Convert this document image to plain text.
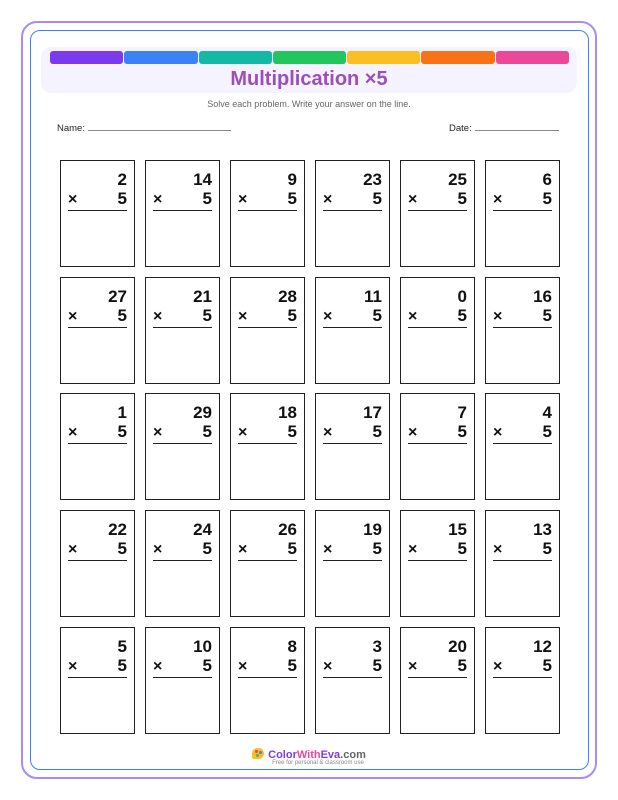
Multiplication ×5
Solve each problem. Write your answer on the line.
Name:	Date:
2
× 5
14
× 5
9
× 5
23
× 5
25
× 5
6
× 5
27
× 5
21
× 5
28
× 5
11
× 5
0
× 5
16
× 5
1
× 5
29
× 5
18
× 5
17
× 5
7
× 5
4
× 5
22
× 5
24
× 5
26
× 5
19
× 5
15
× 5
13
× 5
5
× 5
10
× 5
8
× 5
3
× 5
20
× 5
12
× 5
ColorWithEva.com
Free for personal & classroom use
